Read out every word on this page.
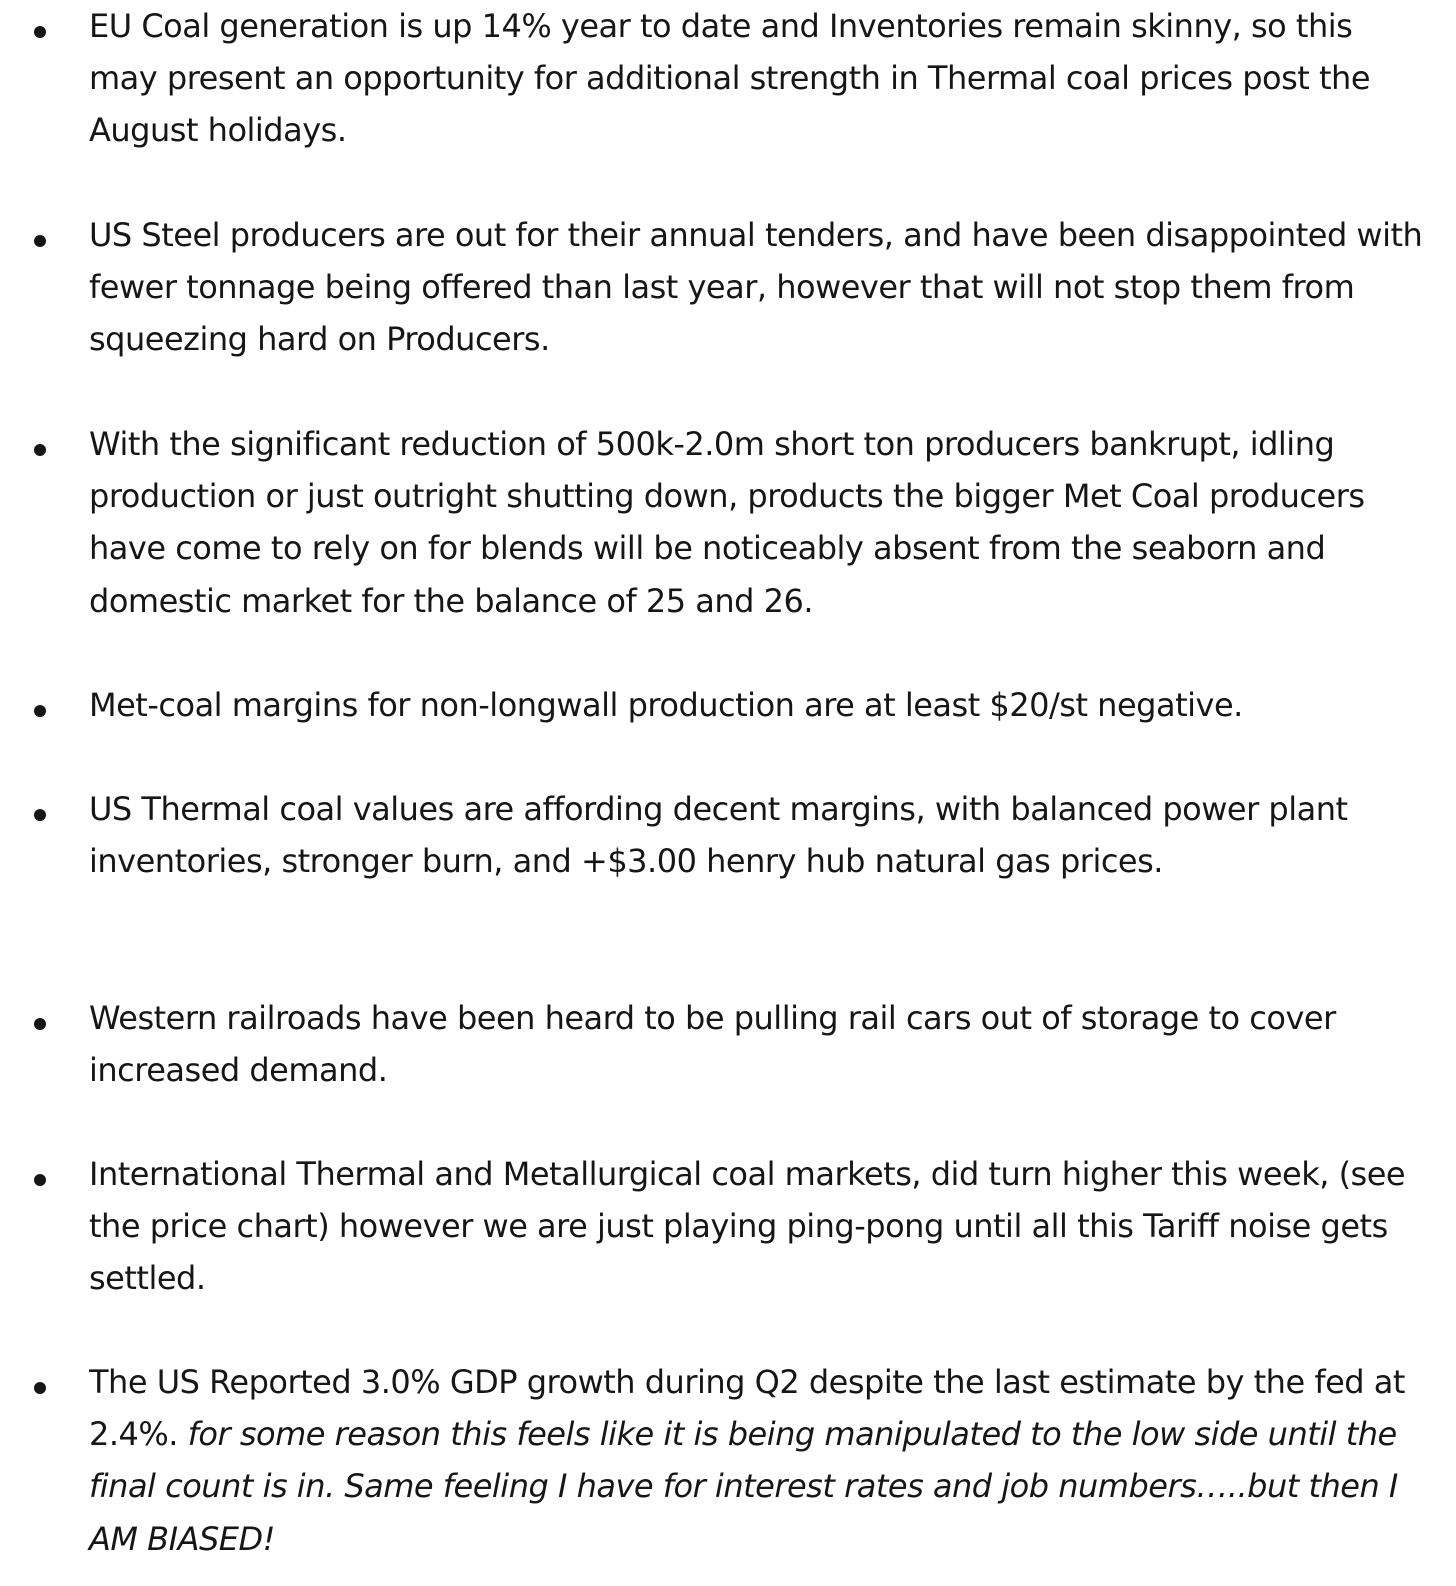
EU Coal generation is up 14% year to date and Inventories remain skinny, so this may present an opportunity for additional strength in Thermal coal prices post the August holidays.
US Steel producers are out for their annual tenders, and have been disappointed with fewer tonnage being offered than last year, however that will not stop them from squeezing hard on Producers.
With the significant reduction of 500k-2.0m short ton producers bankrupt, idling production or just outright shutting down, products the bigger Met Coal producers have come to rely on for blends will be noticeably absent from the seaborn and domestic market for the balance of 25 and 26.
Met-coal margins for non-longwall production are at least $20/st negative.
US Thermal coal values are affording decent margins, with balanced power plant inventories, stronger burn, and +$3.00 henry hub natural gas prices.
Western railroads have been heard to be pulling rail cars out of storage to cover increased demand.
International Thermal and Metallurgical coal markets, did turn higher this week, (see the price chart) however we are just playing ping-pong until all this Tariff noise gets settled.
The US Reported 3.0% GDP growth during Q2 despite the last estimate by the fed at 2.4%. for some reason this feels like it is being manipulated to the low side until the final count is in. Same feeling I have for interest rates and job numbers…..but then I AM BIASED!
